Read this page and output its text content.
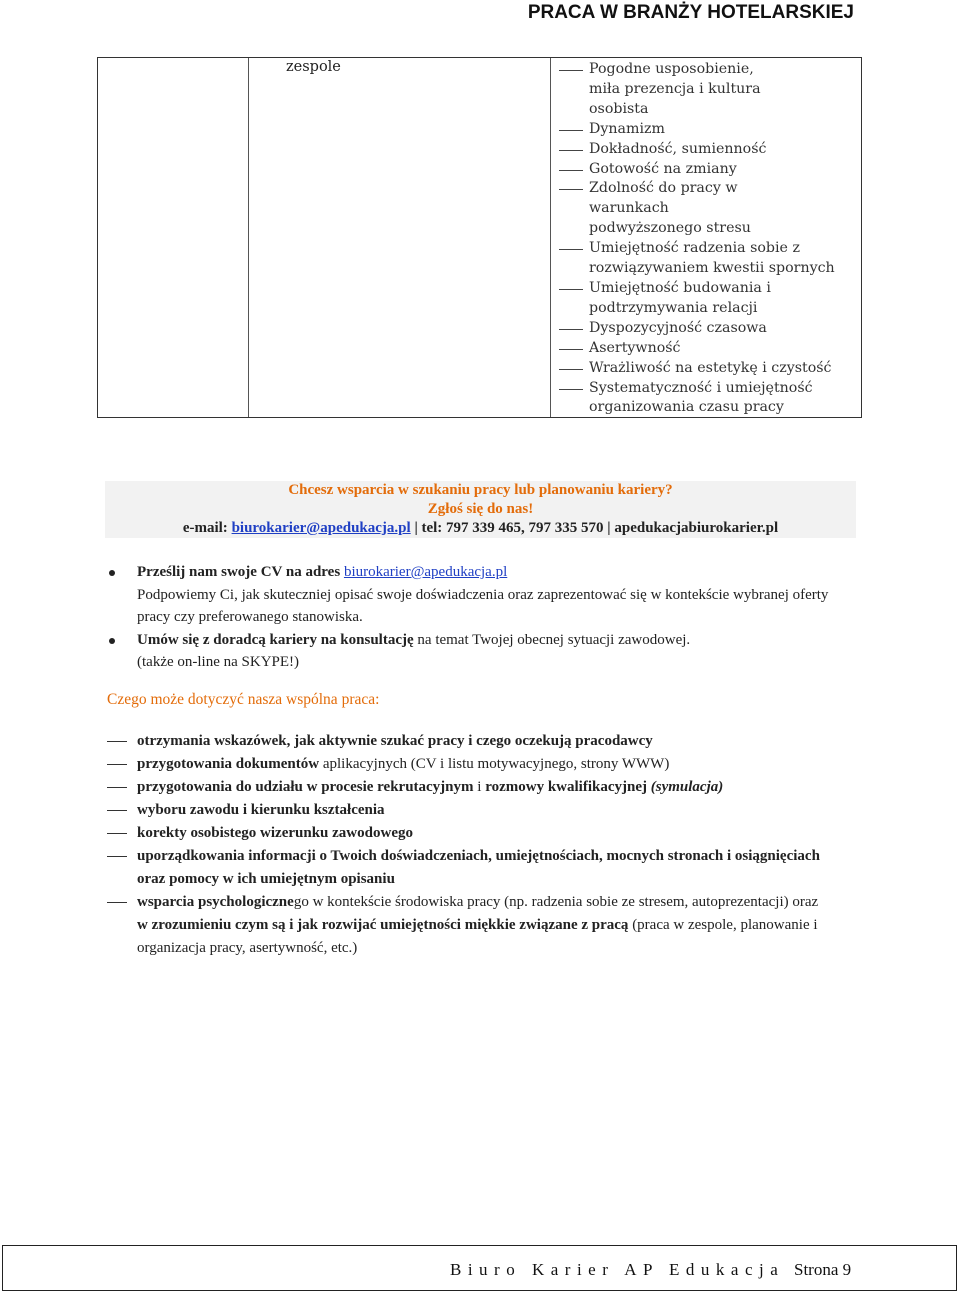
PRACA W BRANŻY HOTELARSKIEJ
zespole	Pogodne usposobienie, miła prezencja i kultura osobista
Dynamizm
Dokładność, sumienność
Gotowość na zmiany
Zdolność do pracy w warunkach podwyższonego stresu
Umiejętność radzenia sobie z rozwiązywaniem kwestii spornych
Umiejętność budowania i podtrzymywania relacji
Dyspozycyjność czasowa
Asertywność
Wrażliwość na estetykę i czystość
Systematyczność i umiejętność organizowania czasu pracy
Chcesz wsparcia w szukaniu pracy lub planowaniu kariery?
Zgłoś się do nas!
e-mail: biurokarier@apedukacja.pl | tel: 797 339 465, 797 335 570 | apedukacjabiurokarier.pl
Prześlij nam swoje CV na adres biurokarier@apedukacja.pl
Podpowiemy Ci, jak skuteczniej opisać swoje doświadczenia oraz zaprezentować się w kontekście wybranej oferty pracy czy preferowanego stanowiska.
Umów się z doradcą kariery na konsultację na temat Twojej obecnej sytuacji zawodowej.
(także on-line na SKYPE!)
Czego może dotyczyć nasza wspólna praca:
otrzymania wskazówek, jak aktywnie szukać pracy i czego oczekują pracodawcy
przygotowania dokumentów aplikacyjnych (CV i listu motywacyjnego, strony WWW)
przygotowania do udziału w procesie rekrutacyjnym i rozmowy kwalifikacyjnej (symulacja)
wyboru zawodu i kierunku kształcenia
korekty osobistego wizerunku zawodowego
uporządkowania informacji o Twoich doświadczeniach, umiejętnościach, mocnych stronach i osiągnięciach oraz pomocy w ich umiejętnym opisaniu
wsparcia psychologicznego w kontekście środowiska pracy (np. radzenia sobie ze stresem, autoprezentacji) oraz w zrozumieniu czym są i jak rozwijać umiejętności miękkie związane z pracą (praca w zespole, planowanie i organizacja pracy, asertywność, etc.)
Biuro Karier AP Edukacja Strona 9
